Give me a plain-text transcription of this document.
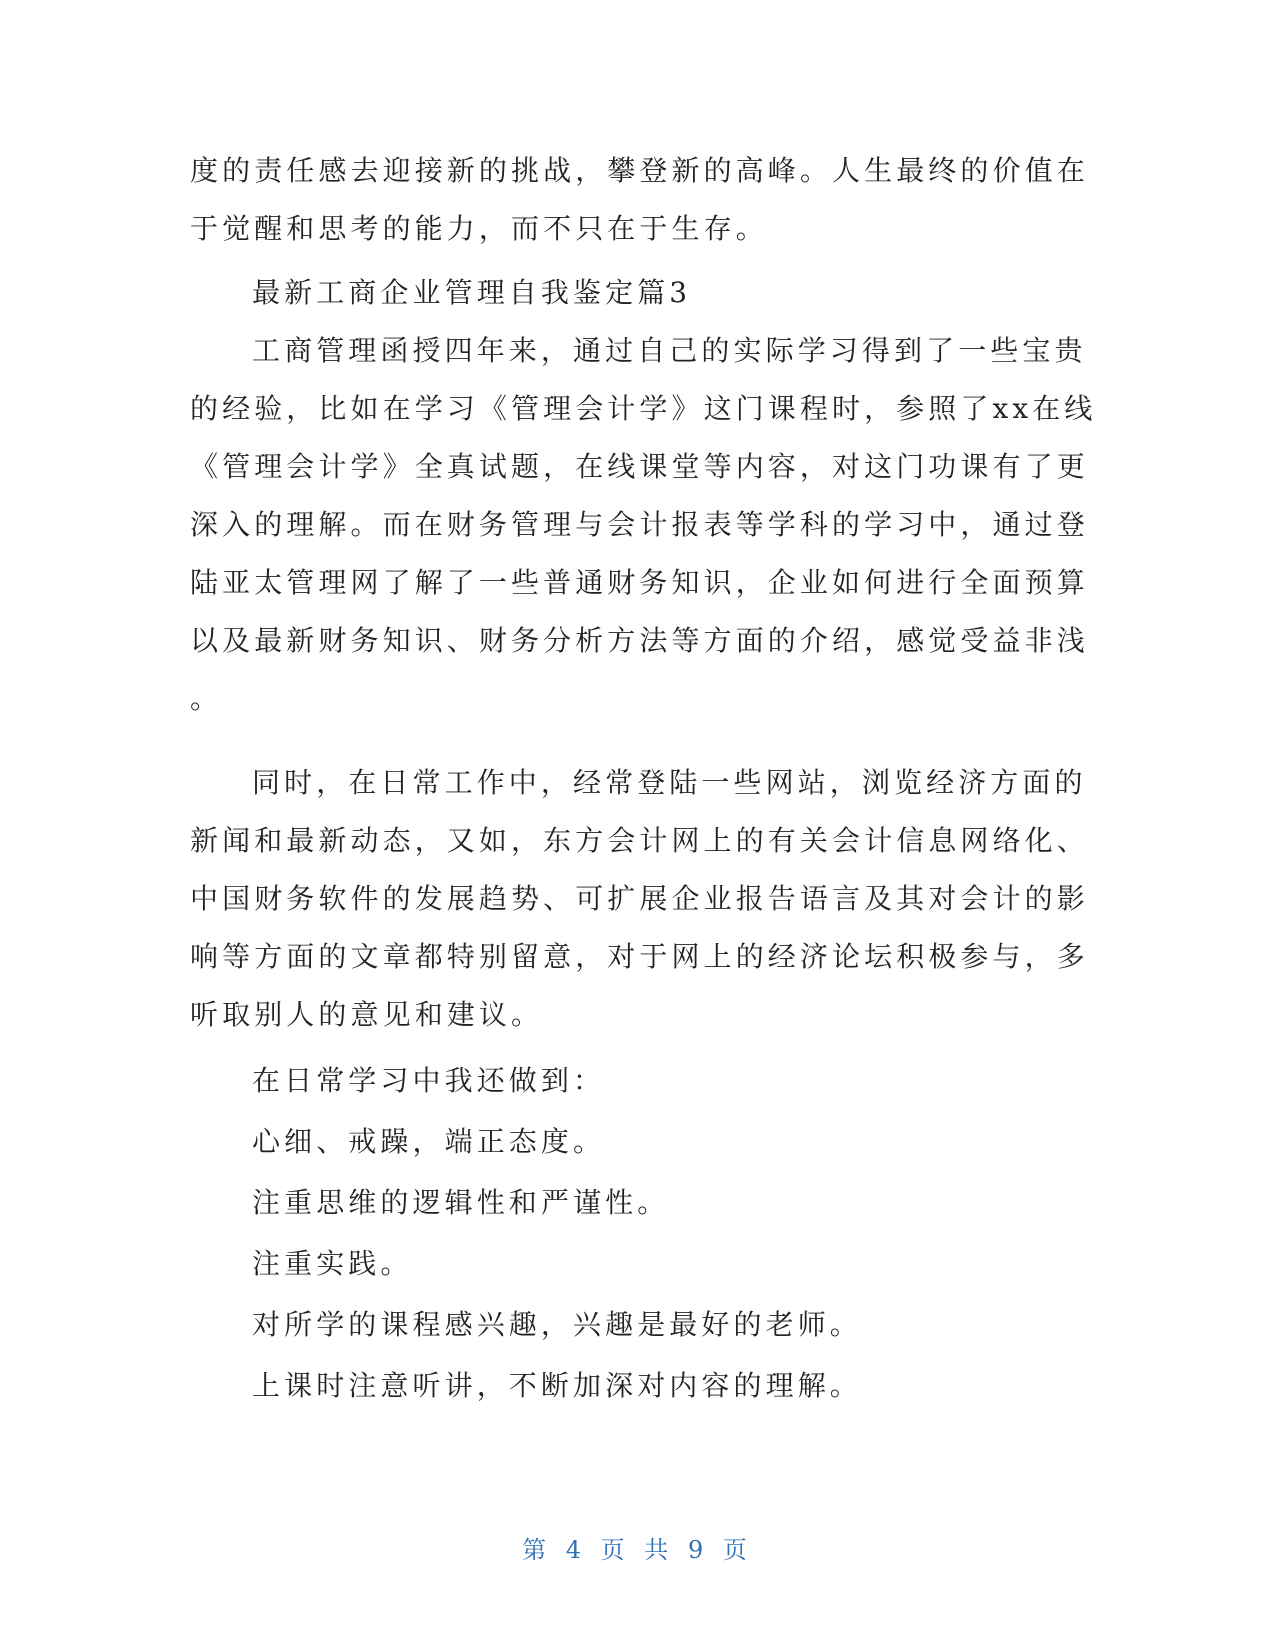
度的责任感去迎接新的挑战，攀登新的高峰。人生最终的价值在
于觉醒和思考的能力，而不只在于生存。
最新工商企业管理自我鉴定篇3
工商管理函授四年来，通过自己的实际学习得到了一些宝贵
的经验，比如在学习《管理会计学》这门课程时，参照了xx在线
《管理会计学》全真试题，在线课堂等内容，对这门功课有了更
深入的理解。而在财务管理与会计报表等学科的学习中，通过登
陆亚太管理网了解了一些普通财务知识，企业如何进行全面预算
以及最新财务知识、财务分析方法等方面的介绍，感觉受益非浅
。
同时，在日常工作中，经常登陆一些网站，浏览经济方面的
新闻和最新动态，又如，东方会计网上的有关会计信息网络化、
中国财务软件的发展趋势、可扩展企业报告语言及其对会计的影
响等方面的文章都特别留意，对于网上的经济论坛积极参与，多
听取别人的意见和建议。
在日常学习中我还做到：
心细、戒躁，端正态度。
注重思维的逻辑性和严谨性。
注重实践。
对所学的课程感兴趣，兴趣是最好的老师。
上课时注意听讲，不断加深对内容的理解。
第 4 页 共 9 页
